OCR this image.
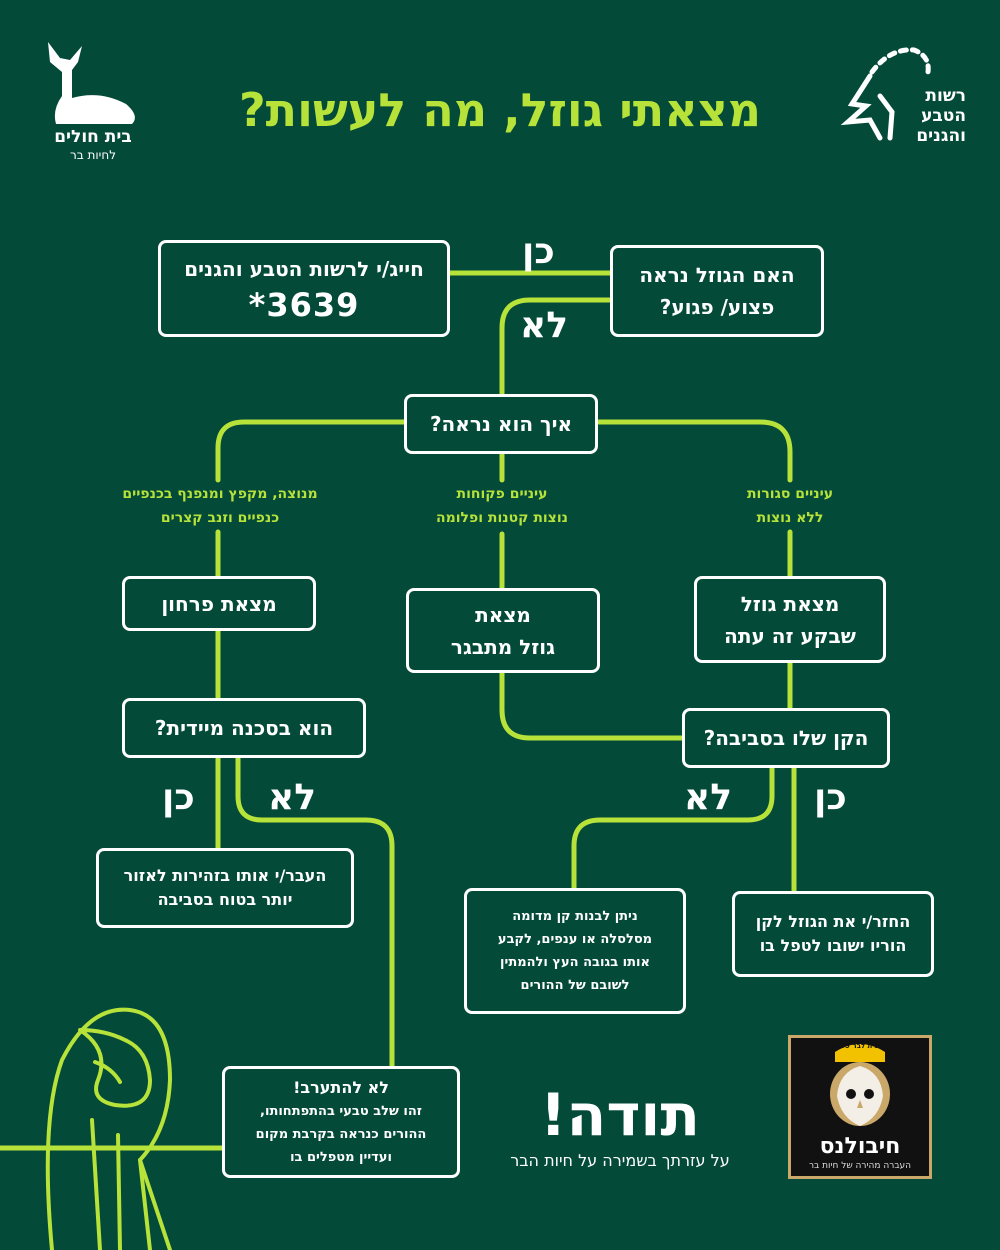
בית חולים
לחיות בר
רשות
הטבע
והגנים
מצאתי גוזל, מה לעשות?
כן
לא
לא כן
כן לא
האם הגוזל נראה
פצוע/ פגוע?
חייג/י לרשות הטבע והגנים
3639*
איך הוא נראה?
עיניים סגורות
ללא נוצות
עיניים פקוחות
נוצות קטנות ופלומה
מנוצה, מקפץ ומנפנף בכנפיים
כנפיים וזנב קצרים
מצאת גוזל
שבקע זה עתה
מצאת
גוזל מתבגר
מצאת פרחון
הקן שלו בסביבה?
הוא בסכנה מיידית?
העבר/י אותו בזהירות לאזור
יותר בטוח בסביבה
החזר/י את הגוזל לקן
הוריו ישובו לטפל בו
ניתן לבנות קן מדומה
מסלסלה או ענפים, לקבע
אותו בגובה העץ ולהמתין
לשובם של ההורים
לא להתערב!
זהו שלב טבעי בהתפתחותו,
ההורים כנראה בקרבת מקום
ועדיין מטפלים בו
תודה!
על עזרתך בשמירה על חיות הבר
מונית לבר 3639
חיבולנס
העברה מהירה של חיות בר
